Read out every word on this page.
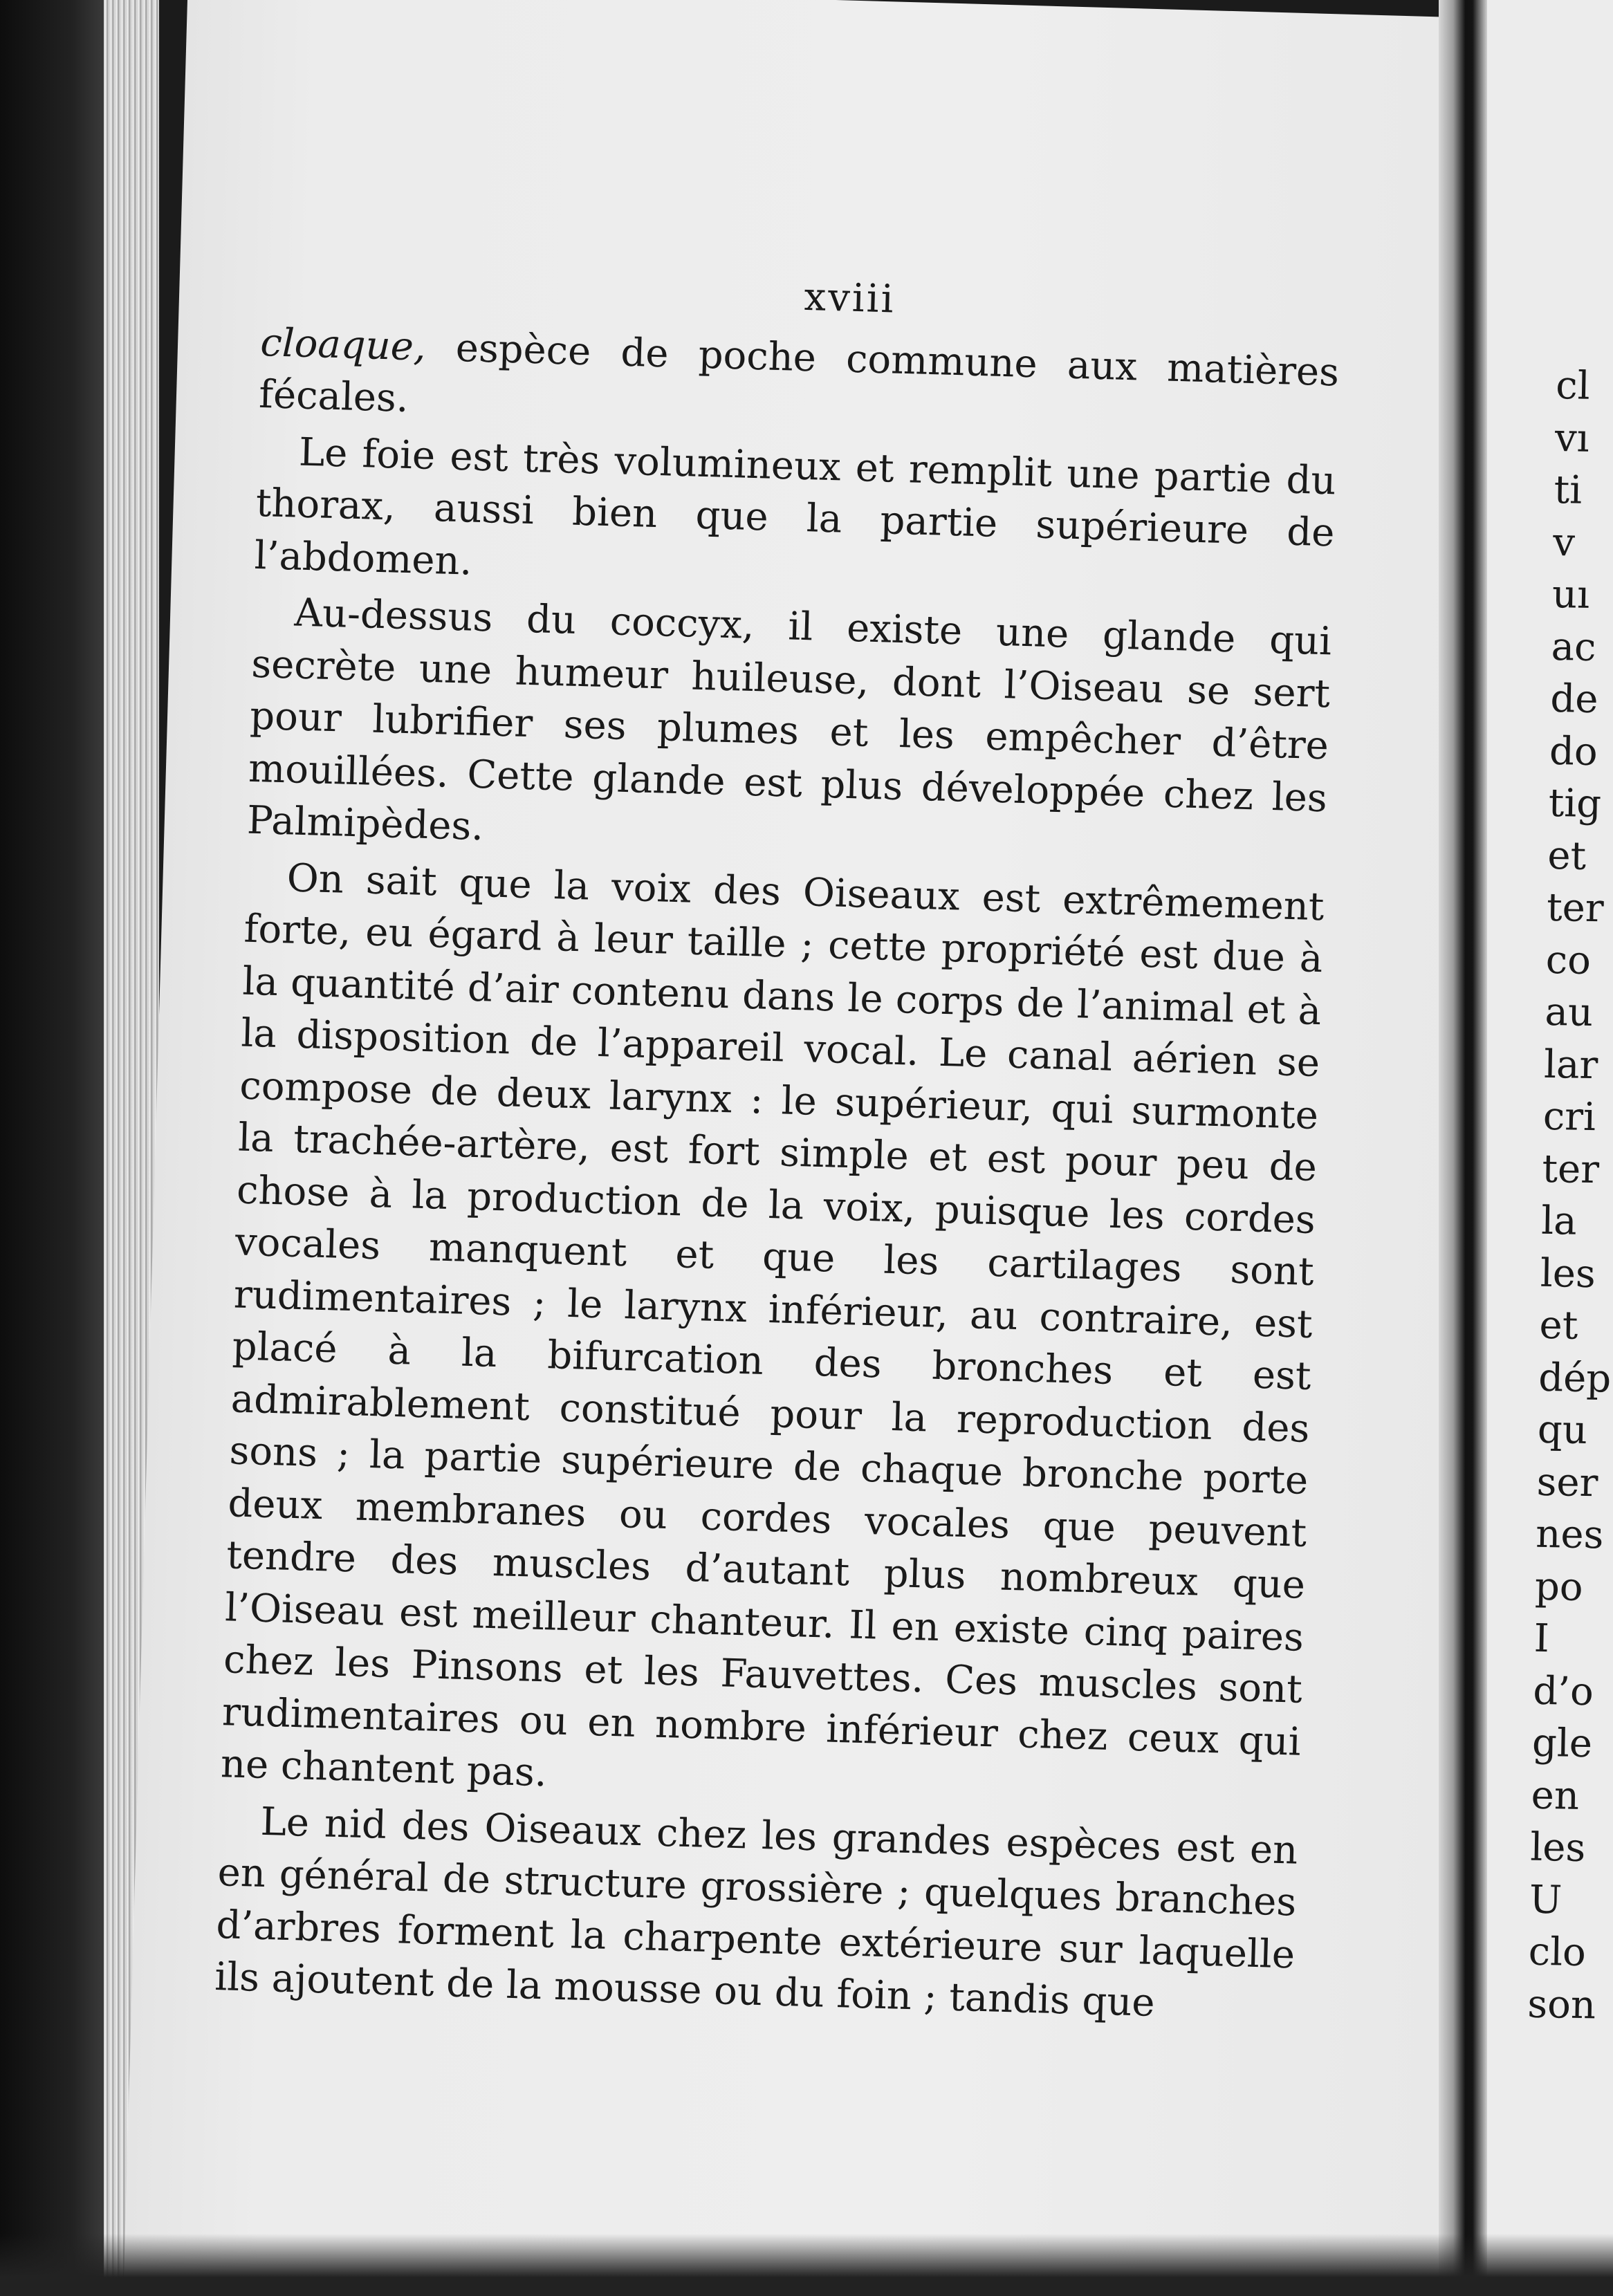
xviii

cloaque, espèce de poche commune aux matières fécales.

Le foie est très volumineux et remplit une partie du thorax, aussi bien que la partie supérieure de l’abdomen.

Au-dessus du coccyx, il existe une glande qui secrète une humeur huileuse, dont l’Oiseau se sert pour lubrifier ses plumes et les empêcher d’être mouillées. Cette glande est plus développée chez les Palmipèdes.

On sait que la voix des Oiseaux est extrêmement forte, eu égard à leur taille ; cette propriété est due à la quantité d’air contenu dans le corps de l’animal et à la disposition de l’appareil vocal. Le canal aérien se compose de deux larynx : le supérieur, qui surmonte la trachée-artère, est fort simple et est pour peu de chose à la production de la voix, puisque les cordes vocales manquent et que les cartilages sont rudimentaires ; le larynx inférieur, au contraire, est placé à la bifurcation des bronches et est admirablement constitué pour la reproduction des sons ; la partie supérieure de chaque bronche porte deux membranes ou cordes vocales que peuvent tendre des muscles d’autant plus nombreux que l’Oiseau est meilleur chanteur. Il en existe cinq paires chez les Pinsons et les Fauvettes. Ces muscles sont rudimentaires ou en nombre inférieur chez ceux qui ne chantent pas.

Le nid des Oiseaux chez les grandes espèces est en en général de structure grossière ; quelques branches d’arbres forment la charpente extérieure sur laquelle ils ajoutent de la mousse ou du foin ; tandis que

cl
vı
ti
v
uı
ac
de
do
tig
et
ter
co
au
lar
cri
ter
la
les
et
dép
qu
ser
nes
po
I
d’o
gle
en
les
U
clo
son
